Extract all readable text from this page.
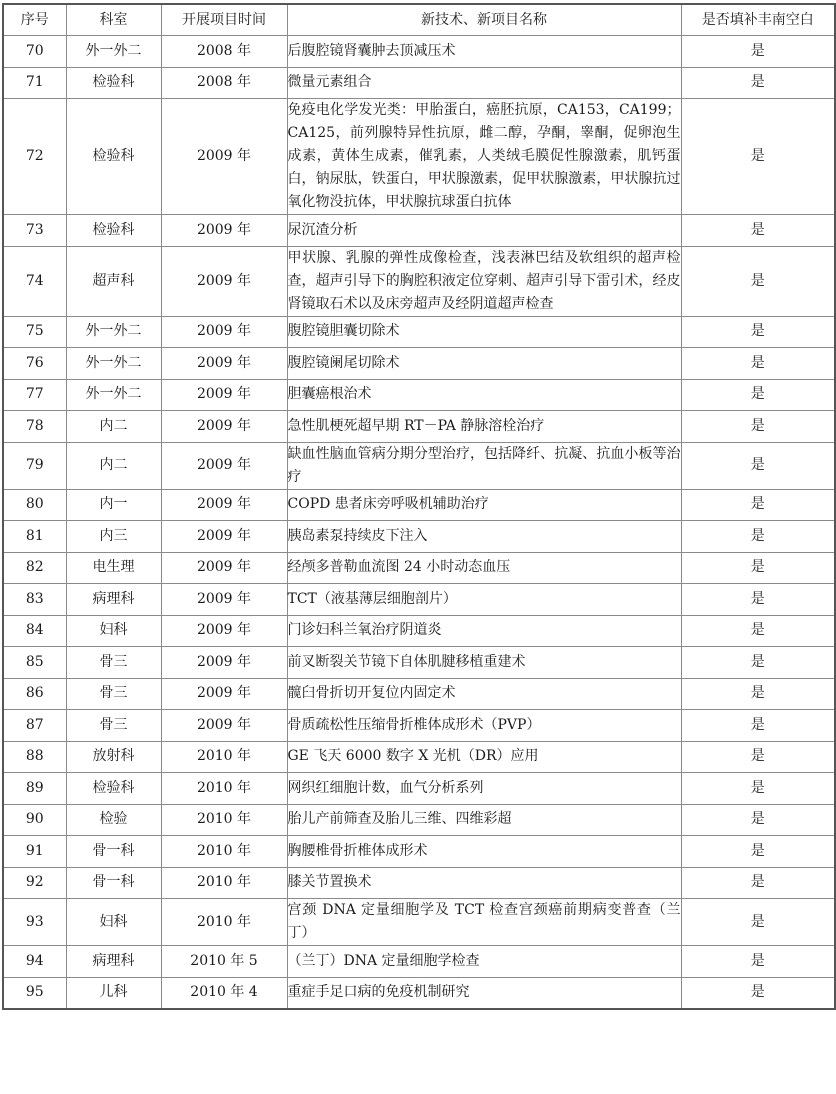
序号	科室	开展项目时间	新技术、新项目名称	是否填补丰南空白
70	外一外二	2008 年	后腹腔镜肾囊肿去顶减压术	是
71	检验科	2008 年	微量元素组合	是
72	检验科	2009 年	免疫电化学发光类：甲胎蛋白，癌胚抗原，CA153，CA199；CA125，前列腺特异性抗原，雌二醇，孕酮，睾酮，促卵泡生成素，黄体生成素，催乳素，人类绒毛膜促性腺激素，肌钙蛋白，钠尿肽，铁蛋白，甲状腺激素，促甲状腺激素，甲状腺抗过氧化物没抗体，甲状腺抗球蛋白抗体	是
73	检验科	2009 年	尿沉渣分析	是
74	超声科	2009 年	甲状腺、乳腺的弹性成像检查，浅表淋巴结及软组织的超声检查，超声引导下的胸腔积液定位穿刺、超声引导下雷引术，经皮肾镜取石术以及床旁超声及经阴道超声检查	是
75	外一外二	2009 年	腹腔镜胆囊切除术	是
76	外一外二	2009 年	腹腔镜阑尾切除术	是
77	外一外二	2009 年	胆囊癌根治术	是
78	内二	2009 年	急性肌梗死超早期 RT－PA 静脉溶栓治疗	是
79	内二	2009 年	缺血性脑血管病分期分型治疗，包括降纤、抗凝、抗血小板等治疗	是
80	内一	2009 年	COPD 患者床旁呼吸机辅助治疗	是
81	内三	2009 年	胰岛素泵持续皮下注入	是
82	电生理	2009 年	经颅多普勒血流图 24 小时动态血压	是
83	病理科	2009 年	TCT（液基薄层细胞剖片）	是
84	妇科	2009 年	门诊妇科兰氧治疗阴道炎	是
85	骨三	2009 年	前叉断裂关节镜下自体肌腱移植重建术	是
86	骨三	2009 年	髋臼骨折切开复位内固定术	是
87	骨三	2009 年	骨质疏松性压缩骨折椎体成形术（PVP）	是
88	放射科	2010 年	GE 飞天 6000 数字 X 光机（DR）应用	是
89	检验科	2010 年	网织红细胞计数，血气分析系列	是
90	检验	2010 年	胎儿产前筛查及胎儿三维、四维彩超	是
91	骨一科	2010 年	胸腰椎骨折椎体成形术	是
92	骨一科	2010 年	膝关节置换术	是
93	妇科	2010 年	宫颈 DNA 定量细胞学及 TCT 检查宫颈癌前期病变普查（兰丁）	是
94	病理科	2010 年 5	（兰丁）DNA 定量细胞学检查	是
95	儿科	2010 年 4	重症手足口病的免疫机制研究	是
